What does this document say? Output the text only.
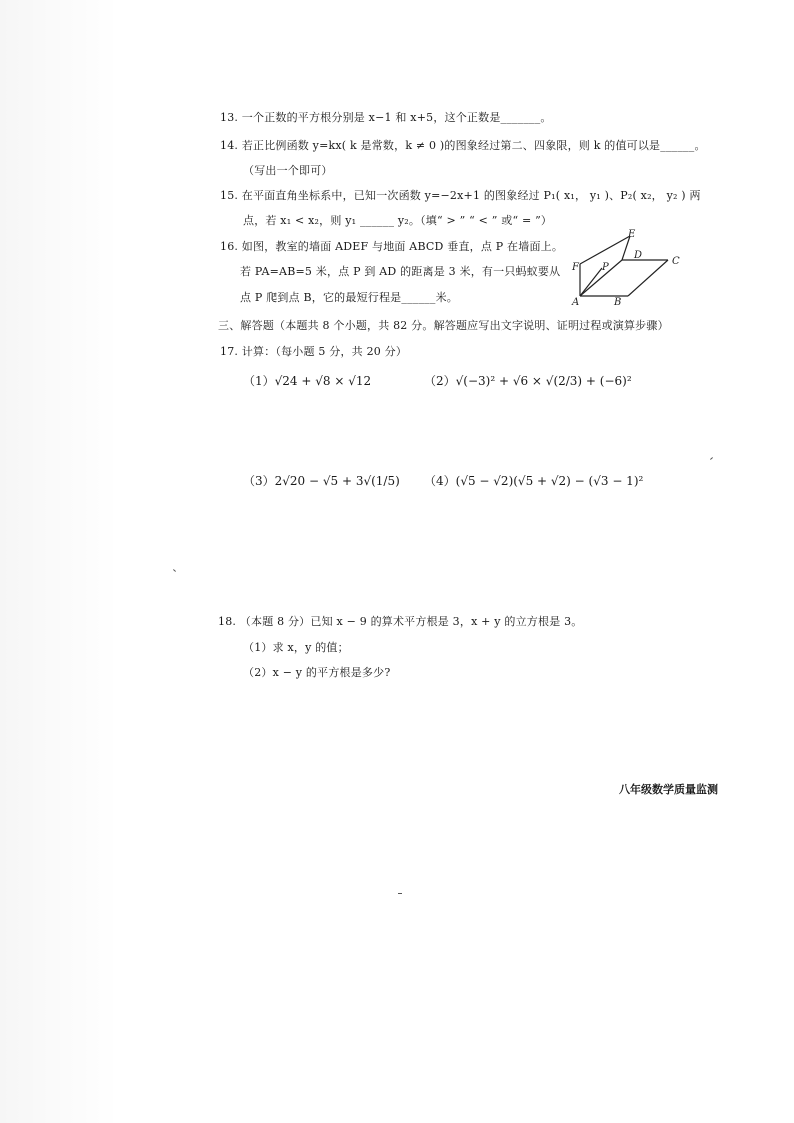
13. 一个正数的平方根分别是 x−1 和 x+5，这个正数是_______。
14. 若正比例函数 y=kx( k 是常数，k ≠ 0 )的图象经过第二、四象限，则 k 的值可以是______。
（写出一个即可）
15. 在平面直角坐标系中，已知一次函数 y=−2x+1 的图象经过 P₁( x₁， y₁ )、P₂( x₂， y₂ ) 两
点，若 x₁ < x₂，则 y₁ ______ y₂。（填“ > ” “ < ” 或“ = ”）
16. 如图，教室的墙面 ADEF 与地面 ABCD 垂直，点 P 在墙面上。
若 PA=AB=5 米，点 P 到 AD 的距离是 3 米，有一只蚂蚁要从
点 P 爬到点 B，它的最短行程是______米。	A	B
C
D
E
F P
三、解答题（本题共 8 个小题，共 82 分。解答题应写出文字说明、证明过程或演算步骤）
17. 计算：（每小题 5 分，共 20 分）
（1）√24 + √8 × √12	（2）√(−3)² + √6 × √(2/3) + (−6)²
（3）2√20 − √5 + 3√(1/5) （4）(√5 − √2)(√5 + √2) − (√3 − 1)²
18. （本题 8 分）已知 x − 9 的算术平方根是 3，x + y 的立方根是 3。
（1）求 x，y 的值；
（2）x − y 的平方根是多少?
八年级数学质量监测
